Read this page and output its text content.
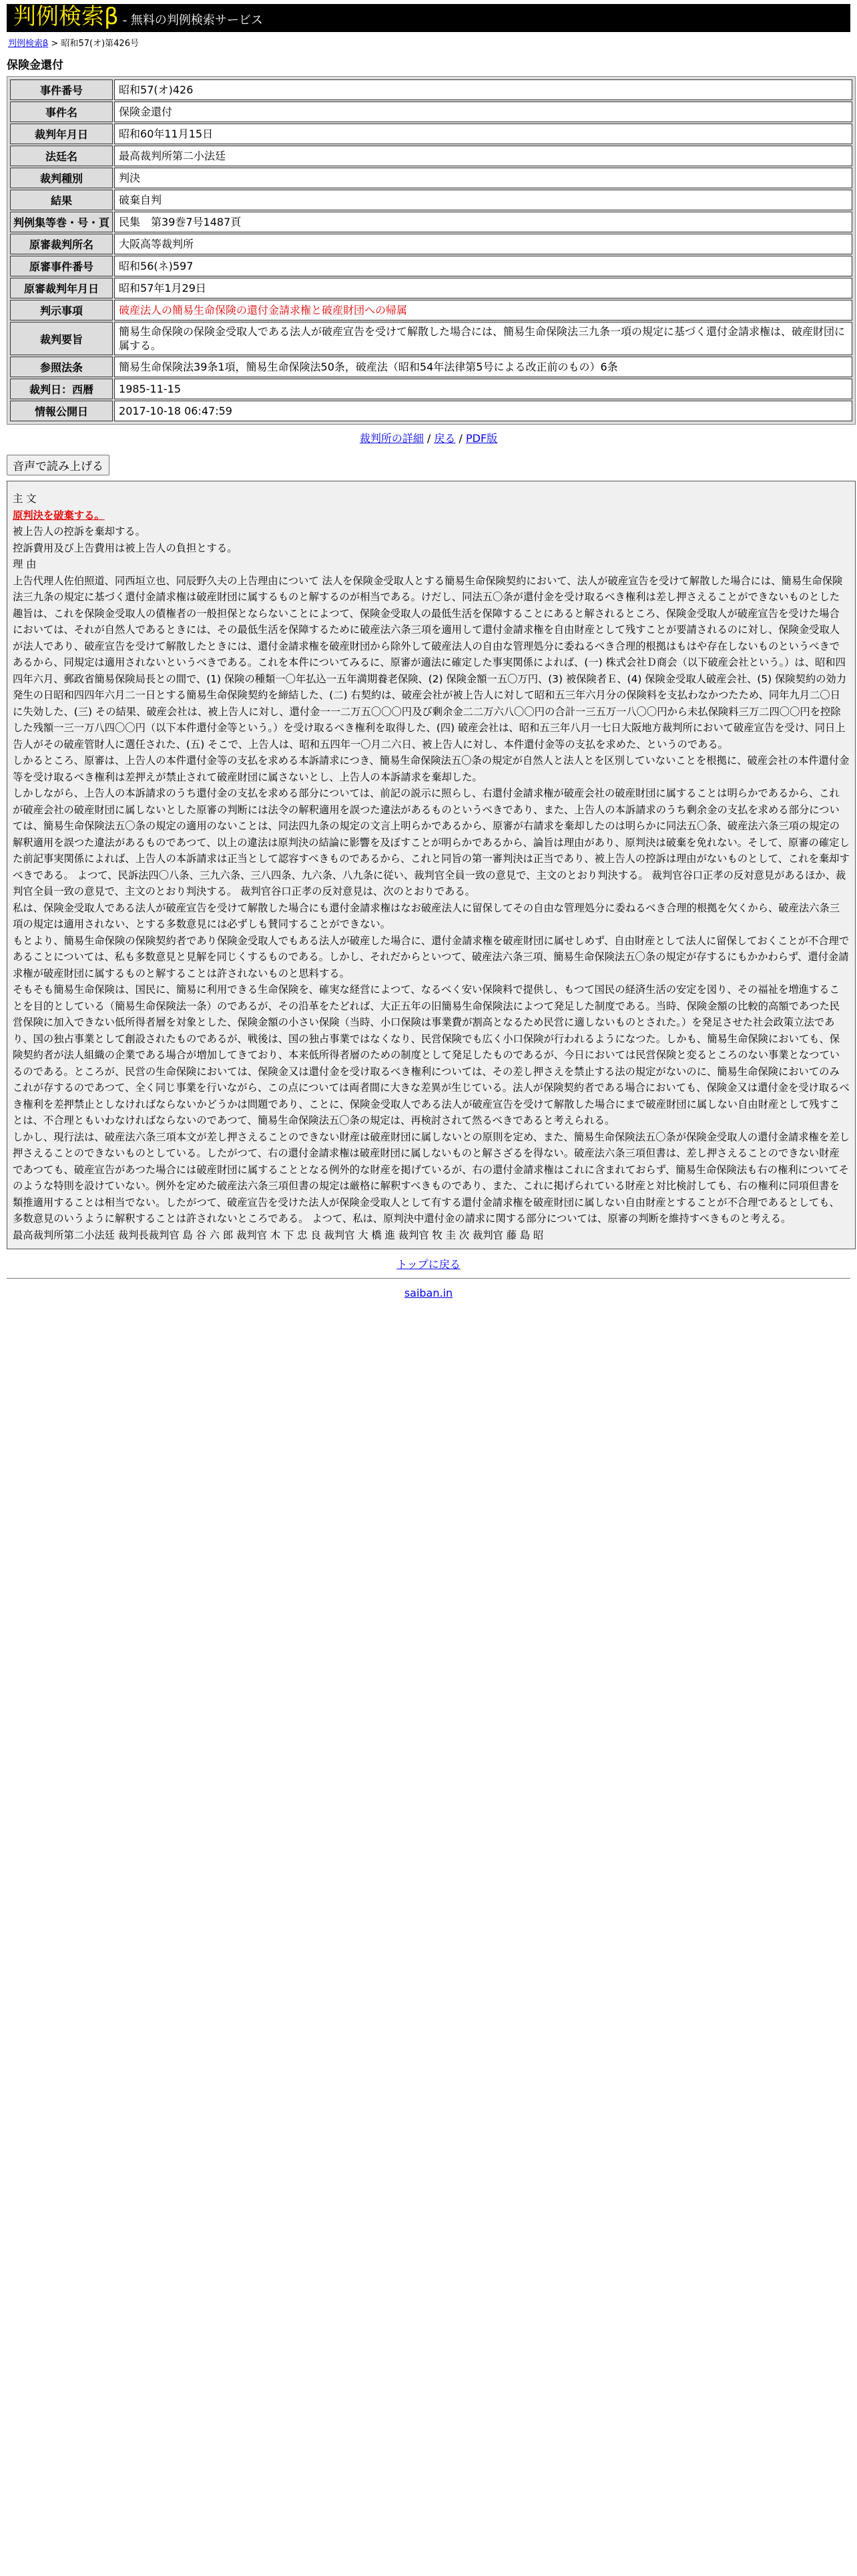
判例検索β - 無料の判例検索サービス
判例検索β > 昭和57(オ)第426号
保険金還付
事件番号	昭和57(オ)426
事件名	保険金還付
裁判年月日	昭和60年11月15日
法廷名	最高裁判所第二小法廷
裁判種別	判決
結果	破棄自判
判例集等巻・号・頁	民集　第39巻7号1487頁
原審裁判所名	大阪高等裁判所
原審事件番号	昭和56(ネ)597
原審裁判年月日	昭和57年1月29日
判示事項	破産法人の簡易生命保険の還付金請求権と破産財団への帰属
裁判要旨	簡易生命保険の保険金受取人である法人が破産宣告を受けて解散した場合には、簡易生命保険法三九条一項の規定に基づく還付金請求権は、破産財団に属する。
参照法条	簡易生命保険法39条1項，簡易生命保険法50条，破産法（昭和54年法律第5号による改正前のもの）6条
裁判日：西暦	1985-11-15
情報公開日	2017-10-18 06:47:59
裁判所の詳細 / 戻る / PDF版
音声で読み上げる

主 文

原判決を破棄する。

被上告人の控訴を棄却する。

控訴費用及び上告費用は被上告人の負担とする。

理 由

上告代理人佐伯照道、同西垣立也、同辰野久夫の上告理由について 法人を保険金受取人とする簡易生命保険契約において、法人が破産宣告を受けて解散した場合には、簡易生命保険法三九条の規定に基づく還付金請求権は破産財団に属するものと解するのが相当である。けだし、同法五〇条が還付金を受け取るべき権利は差し押さえることができないものとした趣旨は、これを保険金受取人の債権者の一般担保とならないことによつて、保険金受取人の最低生活を保障することにあると解されるところ、保険金受取人が破産宣告を受けた場合においては、それが自然人であるときには、その最低生活を保障するために破産法六条三項を適用して還付金請求権を自由財産として残すことが要請されるのに対し、保険金受取人が法人であり、破産宣告を受けて解散したときには、還付金請求権を破産財団から除外して破産法人の自由な管理処分に委ねるべき合理的根拠はもはや存在しないものというべきであるから、同規定は適用されないというべきである。これを本件についてみるに、原審が適法に確定した事実関係によれば、(一) 株式会社Ｄ商会（以下破産会社という。）は、昭和四四年六月、郵政省簡易保険局長との間で、(1) 保険の種類一〇年払込一五年満期養老保険、(2) 保険金額一五〇万円、(3) 被保険者Ｅ、(4) 保険金受取人破産会社、(5) 保険契約の効力発生の日昭和四四年六月二一日とする簡易生命保険契約を締結した、(二) 右契約は、破産会社が被上告人に対して昭和五三年六月分の保険料を支払わなかつたため、同年九月二〇日に失効した、(三) その結果、破産会社は、被上告人に対し、還付金一一二万五〇〇〇円及び剰余金二二万六八〇〇円の合計一三五万一八〇〇円から未払保険料三万二四〇〇円を控除した残額一三一万八四〇〇円（以下本件還付金等という。）を受け取るべき権利を取得した、(四) 破産会社は、昭和五三年八月一七日大阪地方裁判所において破産宣告を受け、同日上告人がその破産管財人に選任された、(五) そこで、上告人は、昭和五四年一〇月二六日、被上告人に対し、本件還付金等の支払を求めた、というのである。

しかるところ、原審は、上告人の本件還付金等の支払を求める本訴請求につき、簡易生命保険法五〇条の規定が自然人と法人とを区別していないことを根拠に、破産会社の本件還付金等を受け取るべき権利は差押えが禁止されて破産財団に属さないとし、上告人の本訴請求を棄却した。

しかしながら、上告人の本訴請求のうち還付金の支払を求める部分については、前記の説示に照らし、右還付金請求権が破産会社の破産財団に属することは明らかであるから、これが破産会社の破産財団に属しないとした原審の判断には法令の解釈適用を誤つた違法があるものというべきであり、また、上告人の本訴請求のうち剰余金の支払を求める部分については、簡易生命保険法五〇条の規定の適用のないことは、同法四九条の規定の文言上明らかであるから、原審が右請求を棄却したのは明らかに同法五〇条、破産法六条三項の規定の解釈適用を誤つた違法があるものであつて、以上の違法は原判決の結論に影響を及ぼすことが明らかであるから、論旨は理由があり、原判決は破棄を免れない。そして、原審の確定した前記事実関係によれば、上告人の本訴請求は正当として認容すべきものであるから、これと同旨の第一審判決は正当であり、被上告人の控訴は理由がないものとして、これを棄却すべきである。 よつて、民訴法四〇八条、三九六条、三八四条、九六条、八九条に従い、裁判官全員一致の意見で、主文のとおり判決する。 裁判官谷口正孝の反対意見があるほか、裁判官全員一致の意見で、主文のとおり判決する。 裁判官谷口正孝の反対意見は、次のとおりである。

私は、保険金受取人である法人が破産宣告を受けて解散した場合にも還付金請求権はなお破産法人に留保してその自由な管理処分に委ねるべき合理的根拠を欠くから、破産法六条三項の規定は適用されない、とする多数意見には必ずしも賛同することができない。

もとより、簡易生命保険の保険契約者であり保険金受取人でもある法人が破産した場合に、還付金請求権を破産財団に属せしめず、自由財産として法人に留保しておくことが不合理であることについては、私も多数意見と見解を同じくするものである。しかし、それだからといつて、破産法六条三項、簡易生命保険法五〇条の規定が存するにもかかわらず、還付金請求権が破産財団に属するものと解することは許されないものと思料する。

そもそも簡易生命保険は、国民に、簡易に利用できる生命保険を、確実な経営によつて、なるべく安い保険料で提供し、もつて国民の経済生活の安定を図り、その福祉を増進することを目的としている（簡易生命保険法一条）のであるが、その沿革をたどれば、大正五年の旧簡易生命保険法によつて発足した制度である。当時、保険金額の比較的高額であつた民営保険に加入できない低所得者層を対象とした、保険金額の小さい保険（当時、小口保険は事業費が割高となるため民営に適しないものとされた。）を発足させた社会政策立法であり、国の独占事業として創設されたものであるが、戦後は、国の独占事業ではなくなり、民営保険でも広く小口保険が行われるようになつた。しかも、簡易生命保険においても、保険契約者が法人組織の企業である場合が増加してきており、本来低所得者層のための制度として発足したものであるが、今日においては民営保険と変るところのない事業となつているのである。ところが、民営の生命保険においては、保険金又は還付金を受け取るべき権利については、その差し押さえを禁止する法の規定がないのに、簡易生命保険においてのみこれが存するのであつて、全く同じ事業を行いながら、この点については両者間に大きな差異が生じている。法人が保険契約者である場合においても、保険金又は還付金を受け取るべき権利を差押禁止としなければならないかどうかは問題であり、ことに、保険金受取人である法人が破産宣告を受けて解散した場合にまで破産財団に属しない自由財産として残すことは、不合理ともいわなければならないのであつて、簡易生命保険法五〇条の規定は、再検討されて然るべきであると考えられる。

しかし、現行法は、破産法六条三項本文が差し押さえることのできない財産は破産財団に属しないとの原則を定め、また、簡易生命保険法五〇条が保険金受取人の還付金請求権を差し押さえることのできないものとしている。したがつて、右の還付金請求権は破産財団に属しないものと解さざるを得ない。破産法六条三項但書は、差し押さえることのできない財産であつても、破産宣告があつた場合には破産財団に属することとなる例外的な財産を掲げているが、右の還付金請求権はこれに含まれておらず、簡易生命保険法も右の権利についてそのような特則を設けていない。例外を定めた破産法六条三項但書の規定は厳格に解釈すべきものであり、また、これに掲げられている財産と対比検討しても、右の権利に同項但書を類推適用することは相当でない。したがつて、破産宣告を受けた法人が保険金受取人として有する還付金請求権を破産財団に属しない自由財産とすることが不合理であるとしても、多数意見のいうように解釈することは許されないところである。 よつて、私は、原判決中還付金の請求に関する部分については、原審の判断を維持すべきものと考える。

最高裁判所第二小法廷 裁判長裁判官 島 谷 六 郎 裁判官 木 下 忠 良 裁判官 大 橋 進 裁判官 牧 圭 次 裁判官 藤 島 昭

トップに戻る
saiban.in
